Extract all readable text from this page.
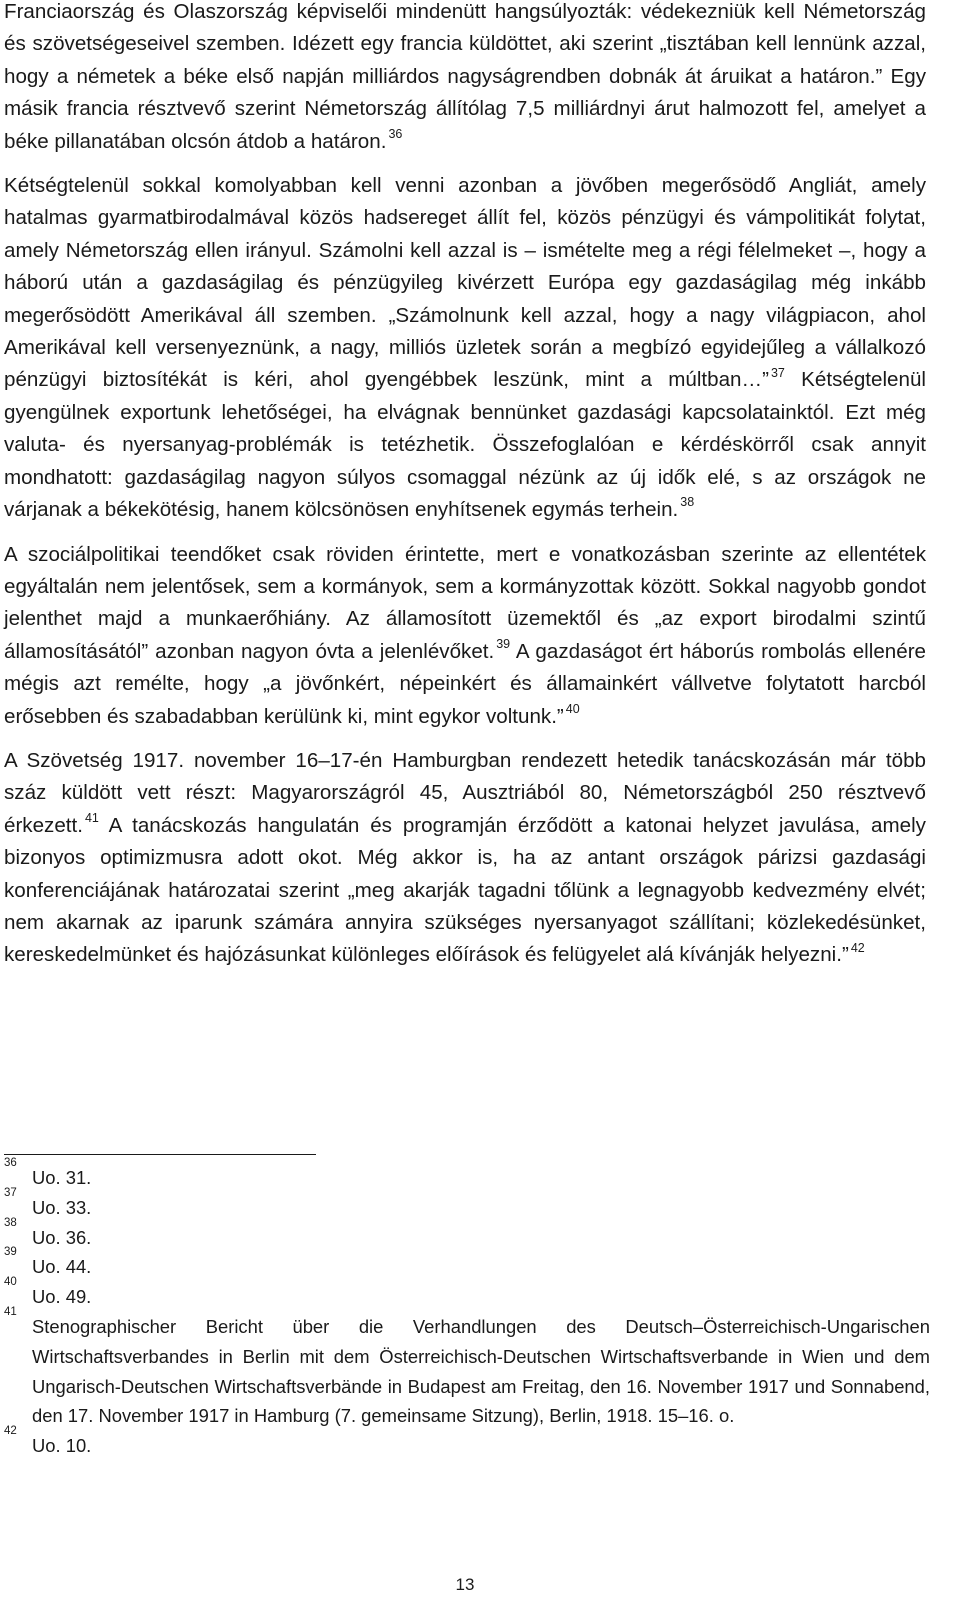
Franciaország és Olaszország képviselői mindenütt hangsúlyozták: védekezniük kell Németország és szövetségeseivel szemben. Idézett egy francia küldöttet, aki szerint „tisztában kell lennünk azzal, hogy a németek a béke első napján milliárdos nagyságrendben dobnák át áruikat a határon.” Egy másik francia résztvevő szerint Németország állítólag 7,5 milliárdnyi árut halmozott fel, amelyet a béke pillanatában olcsón átdob a határon. $^{36}$

Kétségtelenül sokkal komolyabban kell venni azonban a jövőben megerősödő Angliát, amely hatalmas gyarmatbirodalmával közös hadsereget állít fel, közös pénzügyi és vámpolitikát folytat, amely Németország ellen irányul. Számolni kell azzal is – ismételte meg a régi félelmeket –, hogy a háború után a gazdaságilag és pénzügyileg kivérzett Európa egy gazdaságilag még inkább megerősödött Amerikával áll szemben. „Számolnunk kell azzal, hogy a nagy világpiacon, ahol Amerikával kell versenyeznünk, a nagy, milliós üzletek során a megbízó egyidejűleg a vállalkozó pénzügyi biztosítékát is kéri, ahol gyengébbek leszünk, mint a múltban…” $^{37}$ Kétségtelenül gyengülnek exportunk lehetőségei, ha elvágnak bennünket gazdasági kapcsolatainktól. Ezt még valuta- és nyersanyag-problémák is tetézhetik. Összefoglalóan e kérdéskörről csak annyit mondhatott: gazdaságilag nagyon súlyos csomaggal nézünk az új idők elé, s az országok ne várjanak a békekötésig, hanem kölcsönösen enyhítsenek egymás terhein. $^{38}$

A szociálpolitikai teendőket csak röviden érintette, mert e vonatkozásban szerinte az ellentétek egyáltalán nem jelentősek, sem a kormányok, sem a kormányzottak között. Sokkal nagyobb gondot jelenthet majd a munkaerőhiány. Az államosított üzemektől és „az export birodalmi szintű államosításától” azonban nagyon óvta a jelenlévőket. $^{39}$ A gazdaságot ért háborús rombolás ellenére mégis azt remélte, hogy „a jövőnkért, népeinkért és államainkért vállvetve folytatott harcból erősebben és szabadabban kerülünk ki, mint egykor voltunk.” $^{40}$

A Szövetség 1917. november 16–17-én Hamburgban rendezett hetedik tanácskozásán már több száz küldött vett részt: Magyarországról 45, Ausztriából 80, Németországból 250 résztvevő érkezett. $^{41}$ A tanácskozás hangulatán és programján érződött a katonai helyzet javulása, amely bizonyos optimizmusra adott okot. Még akkor is, ha az antant országok párizsi gazdasági konferenciájának határozatai szerint „meg akarják tagadni tőlünk a legnagyobb kedvezmény elvét; nem akarnak az iparunk számára annyira szükséges nyersanyagot szállítani; közlekedésünket, kereskedelmünket és hajózásunkat különleges előírások és felügyelet alá kívánják helyezni.” $^{42}$

36
Uo. 31.
37
Uo. 33.
38
Uo. 36.
39
Uo. 44.
40
Uo. 49.
41
Stenographischer Bericht über die Verhandlungen des Deutsch–Österreichisch-Ungarischen Wirtschaftsverbandes in Berlin mit dem Österreichisch-Deutschen Wirtschaftsverbande in Wien und dem Ungarisch-Deutschen Wirtschaftsverbände in Budapest am Freitag, den 16. November 1917 und Sonnabend, den 17. November 1917 in Hamburg (7. gemeinsame Sitzung), Berlin, 1918. 15–16. o.
42
Uo. 10.
13
